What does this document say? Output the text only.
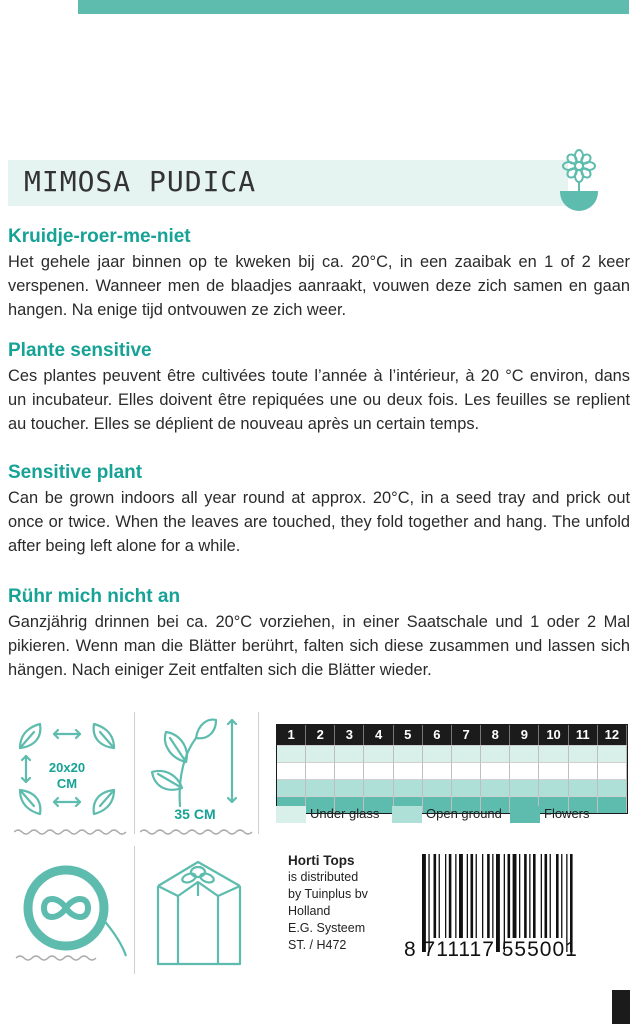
MIMOSA PUDICA
Kruidje-roer-me-niet

Het gehele jaar binnen op te kweken bij ca. 20°C, in een zaaibak en 1 of 2 keer verspenen. Wanneer men de blaadjes aanraakt, vouwen deze zich samen en gaan hangen. Na enige tijd ontvouwen ze zich weer.

Plante sensitive

Ces plantes peuvent être cultivées toute l’année à l’intérieur, à 20 °C environ, dans un incubateur. Elles doivent être repiquées une ou deux fois. Les feuilles se replient au toucher. Elles se déplient de nouveau après un certain temps.

Sensitive plant

Can be grown indoors all year round at approx. 20°C, in a seed tray and prick out once or twice. When the leaves are touched, they fold together and hang. The unfold after being left alone for a while.

Rühr mich nicht an

Ganzjährig drinnen bei ca. 20°C vorziehen, in einer Saatschale und 1 oder 2 Mal pikieren. Wenn man die Blätter berührt, falten sich diese zusammen und lassen sich hängen. Nach einiger Zeit entfalten sich die Blätter wieder.

20x20 CM
35 CM
1	2	3	4	5	6	7	8	9	10	11	12
Under glass	Open ground	Flowers
Horti Tops
is distributed
by Tuinplus bv
Holland
E.G. Systeem
ST. / H472	8 711117 555001
